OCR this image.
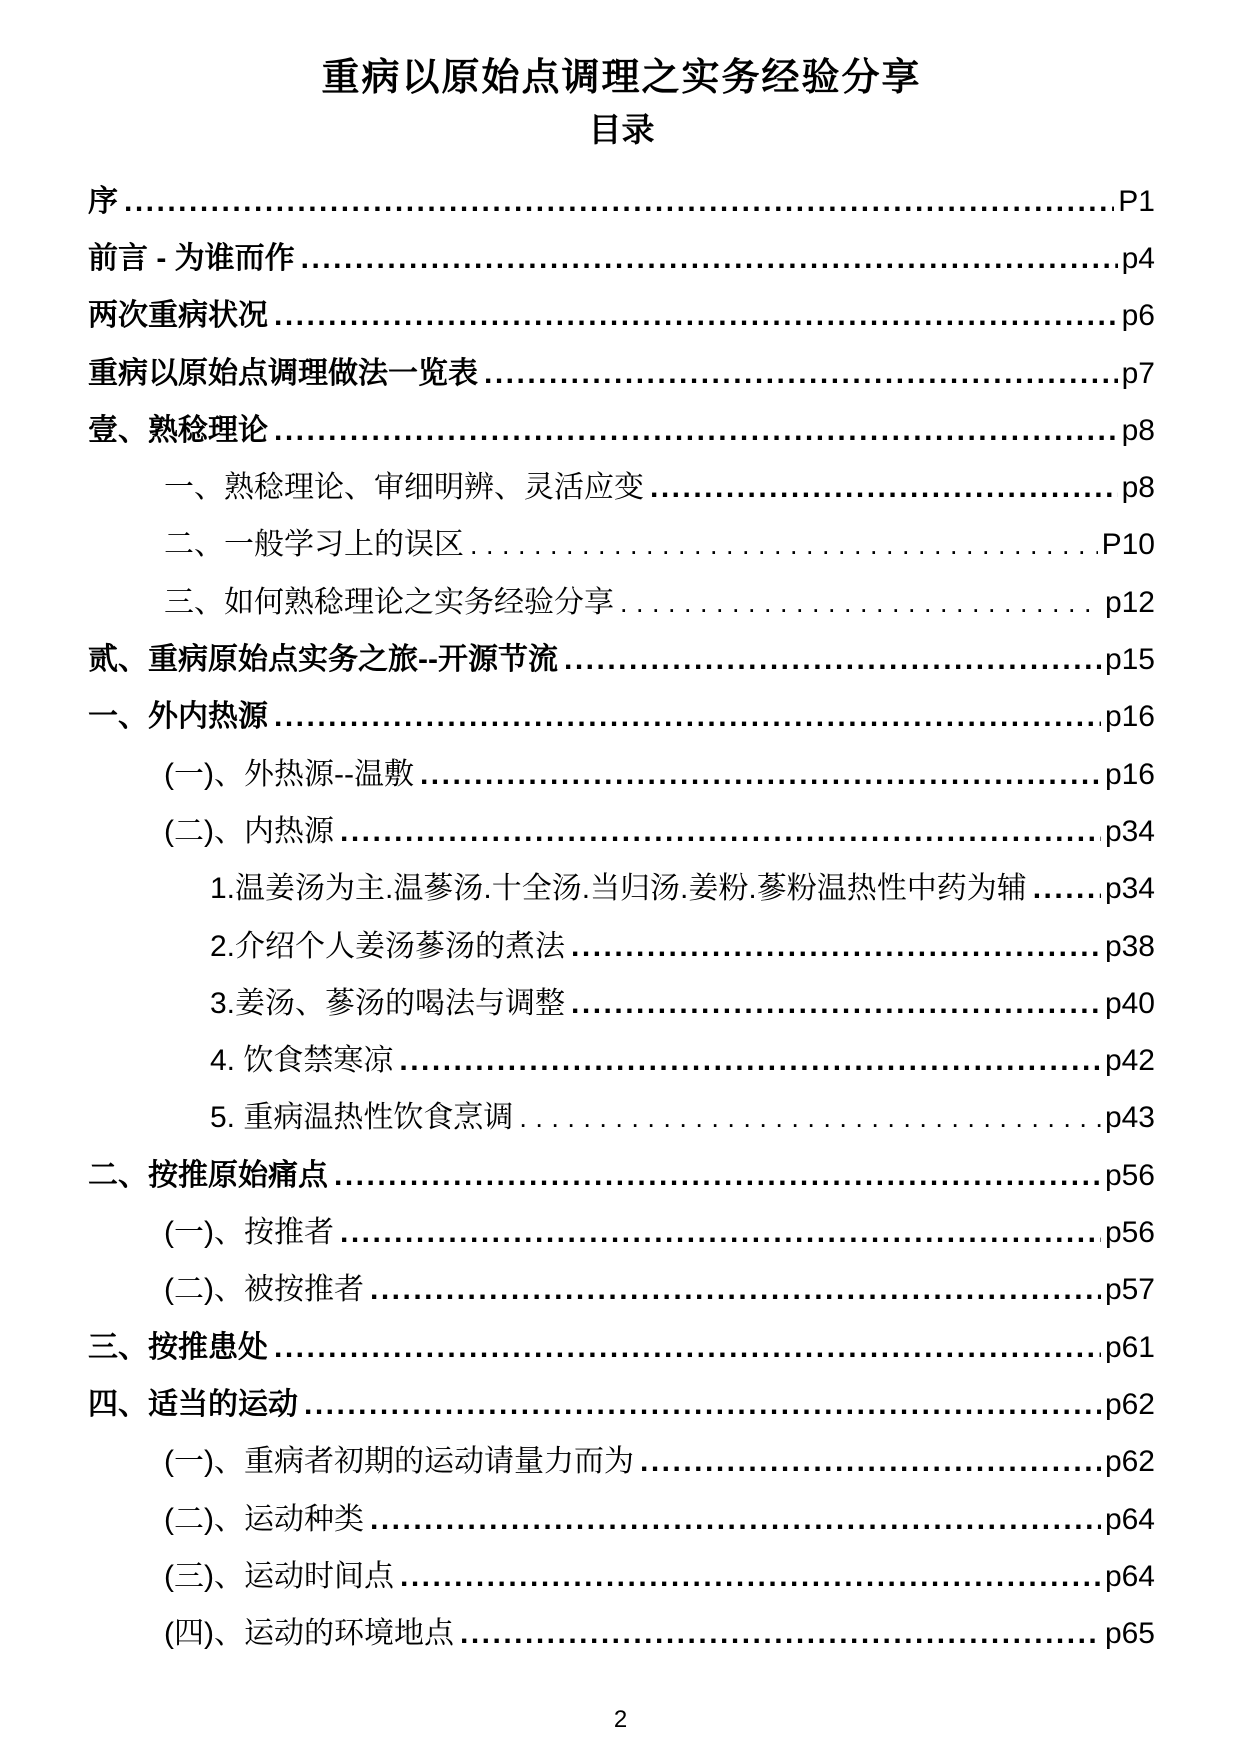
重病以原始点调理之实务经验分享
目录
序 .....	P1
前言 - 为谁而作 .....	p4
两次重病状况 .....	p6
重病以原始点调理做法一览表 .....	p7
壹、熟稔理论 .....	p8
一、熟稔理论、审细明辨、灵活应变 .....	p8
二、一般学习上的误区 .....	P10
三、如何熟稔理论之实务经验分享 .....	p12
贰、重病原始点实务之旅--开源节流 .....	p15
一、外内热源 .....	p16
(一)、外热源--温敷 .....	p16
(二)、内热源 .....	p34
1.温姜汤为主.温蔘汤.十全汤.当归汤.姜粉.蔘粉温热性中药为辅 .....	p34
2.介绍个人姜汤蔘汤的煮法 .....	p38
3.姜汤、蔘汤的喝法与调整 .....	p40
4. 饮食禁寒凉 .....	p42
5. 重病温热性饮食烹调 .....	p43
二、按推原始痛点 .....	p56
(一)、按推者 .....	p56
(二)、被按推者 .....	p57
三、按推患处 .....	p61
四、适当的运动 .....	p62
(一)、重病者初期的运动请量力而为 .....	p62
(二)、运动种类 .....	p64
(三)、运动时间点 .....	p64
(四)、运动的环境地点 .....	p65
2
